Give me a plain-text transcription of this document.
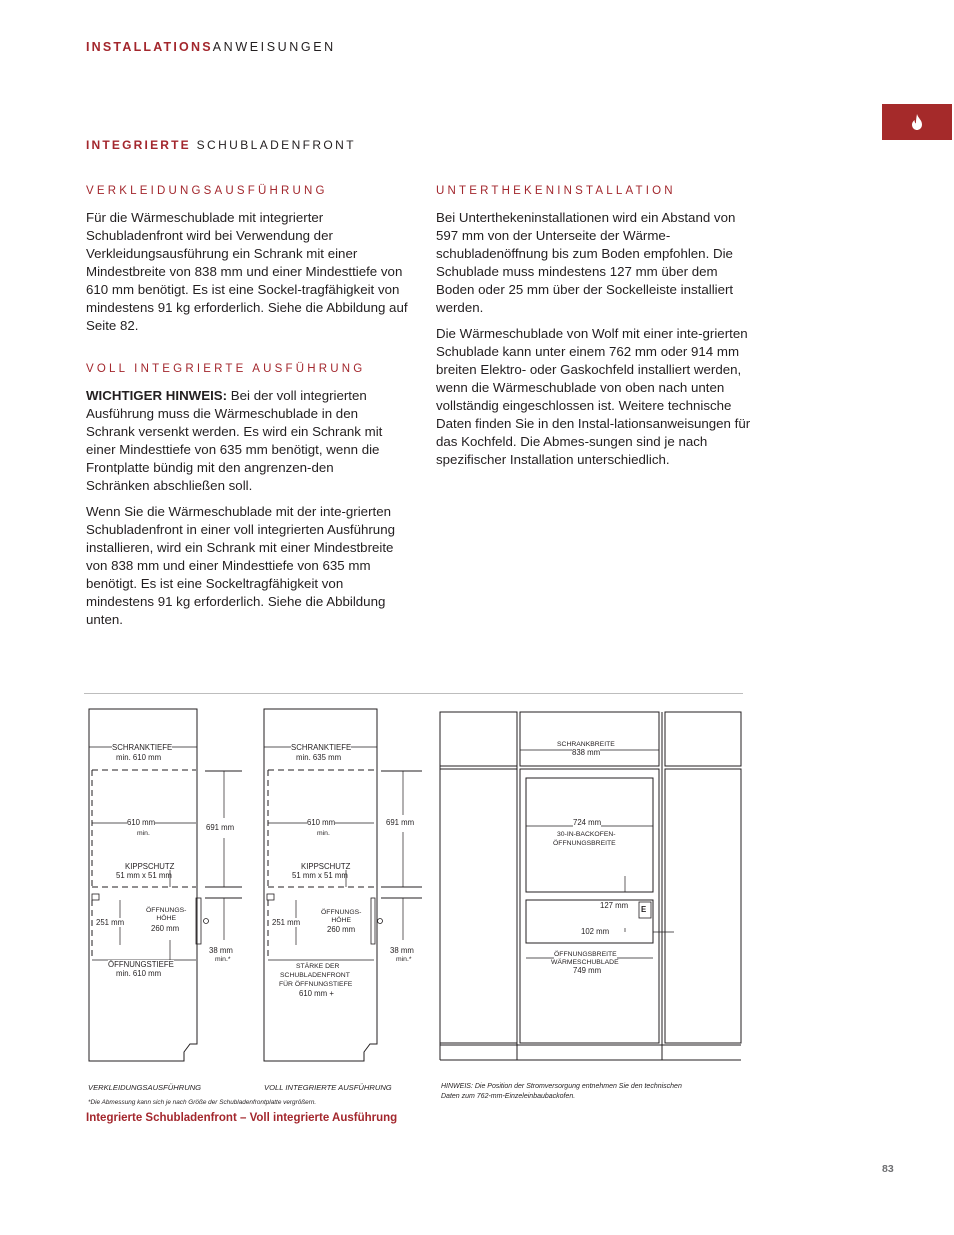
INSTALLATIONSANWEISUNGEN
INTEGRIERTE SCHUBLADENFRONT
VERKLEIDUNGSAUSFÜHRUNG
Für die Wärmeschublade mit integrierter Schubladenfront wird bei Verwendung der Verkleidungsausführung ein Schrank mit einer Mindestbreite von 838 mm und einer Mindesttiefe von 610 mm benötigt. Es ist eine Sockel-tragfähigkeit von mindestens 91 kg erforderlich. Siehe die Abbildung auf Seite 82.
VOLL INTEGRIERTE AUSFÜHRUNG
WICHTIGER HINWEIS: Bei der voll integrierten Ausführung muss die Wärmeschublade in den Schrank versenkt werden. Es wird ein Schrank mit einer Mindesttiefe von 635 mm benötigt, wenn die Frontplatte bündig mit den angrenzen-den Schränken abschließen soll.
Wenn Sie die Wärmeschublade mit der inte-grierten Schubladenfront in einer voll integrierten Ausführung installieren, wird ein Schrank mit einer Mindestbreite von 838 mm und einer Mindesttiefe von 635 mm benötigt. Es ist eine Sockeltragfähigkeit von mindestens 91 kg erforderlich. Siehe die Abbildung unten.
UNTERTHEKENINSTALLATION
Bei Unterthekeninstallationen wird ein Abstand von 597 mm von der Unterseite der Wärme-schubladenöffnung bis zum Boden empfohlen. Die Schublade muss mindestens 127 mm über dem Boden oder 25 mm über der Sockelleiste installiert werden.
Die Wärmeschublade von Wolf mit einer inte-grierten Schublade kann unter einem 762 mm oder 914 mm breiten Elektro- oder Gaskochfeld installiert werden, wenn die Wärmeschublade von oben nach unten vollständig eingeschlossen ist. Weitere technische Daten finden Sie in den Instal-lationsanweisungen für das Kochfeld. Die Abmes-sungen sind je nach spezifischer Installation unterschiedlich.
SCHRANKTIEFE
min. 610 mm
610 mm
min.
691 mm
KIPPSCHUTZ
51 mm x 51 mm
251 mm
ÖFFNUNGS-
HÖHE
260 mm
38 mm
min.*
ÖFFNUNGSTIEFE
min. 610 mm
SCHRANKTIEFE
min. 635 mm
610 mm
min.
691 mm
KIPPSCHUTZ
51 mm x 51 mm
251 mm
ÖFFNUNGS-
HÖHE
260 mm
38 mm
min.*
STÄRKE DER
SCHUBLADENFRONT
FÜR ÖFFNUNGSTIEFE
610 mm +
SCHRANKBREITE
838 mm
724 mm
30-IN-BACKOFEN-
ÖFFNUNGSBREITE
127 mm E
102 mm
ÖFFNUNGSBREITE
WÄRMESCHUBLADE
749 mm
VERKLEIDUNGSAUSFÜHRUNG	VOLL INTEGRIERTE AUSFÜHRUNG	HINWEIS: Die Position der Stromversorgung entnehmen Sie den technischen
Daten zum 762-mm-Einzeleinbaubackofen.
*Die Abmessung kann sich je nach Größe der Schubladenfrontplatte vergrößern.
Integrierte Schubladenfront – Voll integrierte Ausführung
83
